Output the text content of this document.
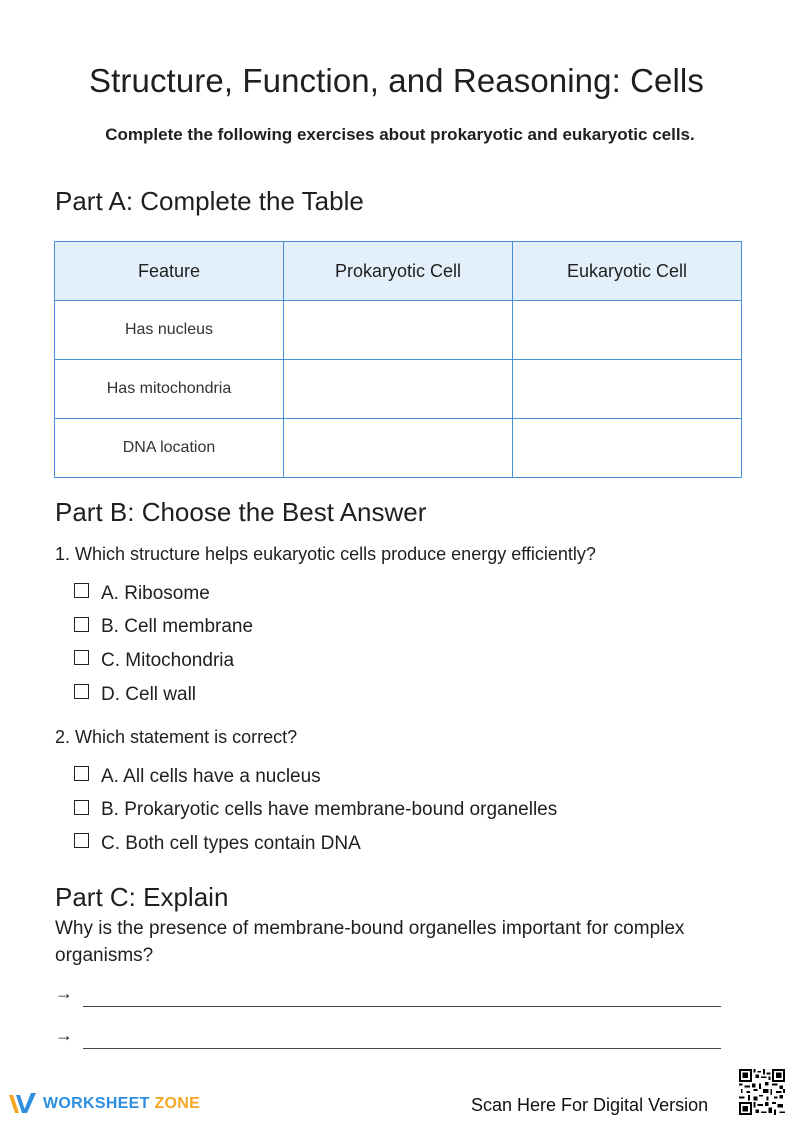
Structure, Function, and Reasoning: Cells
Complete the following exercises about prokaryotic and eukaryotic cells.
Part A: Complete the Table
Feature	Prokaryotic Cell	Eukaryotic Cell
Has nucleus		
Has mitochondria		
DNA location		
Part B: Choose the Best Answer
1. Which structure helps eukaryotic cells produce energy efficiently?
A. Ribosome
B. Cell membrane
C. Mitochondria
D. Cell wall
2. Which statement is correct?
A. All cells have a nucleus
B. Prokaryotic cells have membrane-bound organelles
C. Both cell types contain DNA
Part C: Explain
Why is the presence of membrane-bound organelles important for complex organisms?
→
→
WORKSHEET ZONE	Scan Here For Digital Version
